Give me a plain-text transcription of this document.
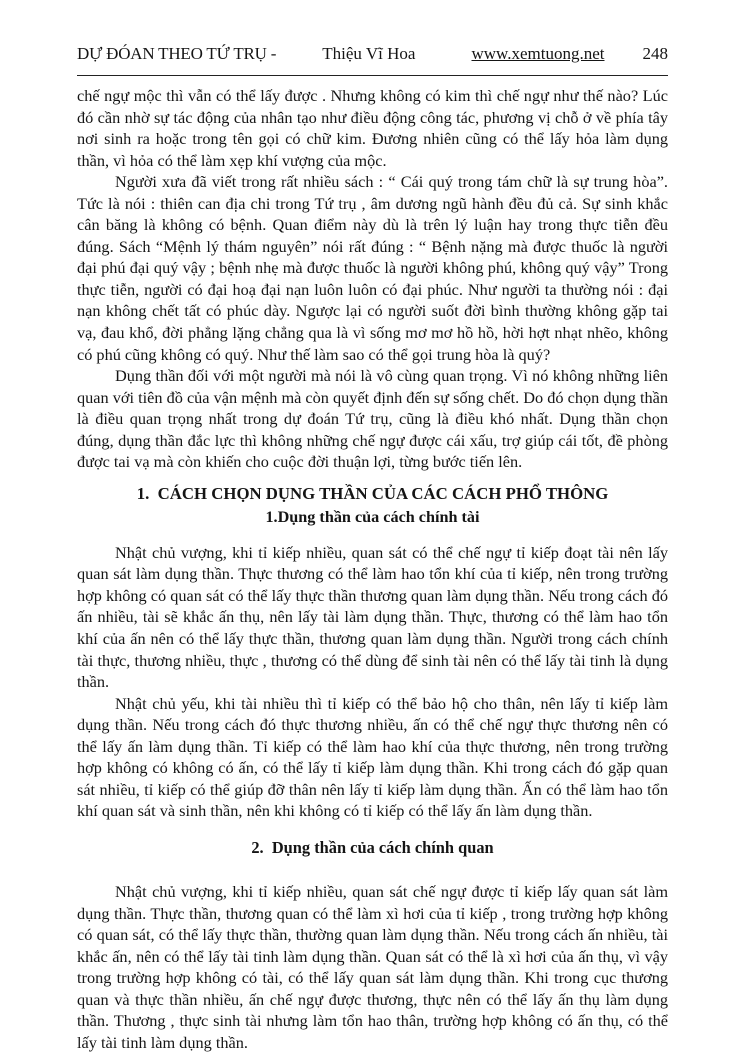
DỰ ĐÓAN THEO TỨ TRỤ -	Thiệu Vĩ Hoa	www.xemtuong.net 248

chế ngự mộc thì vẫn có thể lấy được . Nhưng không có kim thì chế ngự như thế nào? Lúc đó cần nhờ sự tác động của nhân tạo như điều động công tác, phương vị chỗ ở về phía tây nơi sinh ra hoặc trong tên gọi có chữ kim. Đương nhiên cũng có thể lấy hỏa làm dụng thần, vì hỏa có thể làm xẹp khí vượng của mộc.

Người xưa đã viết trong rất nhiều sách : “ Cái quý trong tám chữ là sự trung hòa”. Tức là nói : thiên can địa chi trong Tứ trụ , âm dương ngũ hành đều đủ cả. Sự sinh khắc cân băng là không có bệnh. Quan điểm này dù là trên lý luận hay trong thực tiễn đều đúng. Sách “Mệnh lý thám nguyên” nói rất đúng : “ Bệnh nặng mà được thuốc là người đại phú đại quý vậy ; bệnh nhẹ mà được thuốc là người không phú, không quý vậy” Trong thực tiễn, người có đại hoạ đại nạn luôn luôn có đại phúc. Như người ta thường nói : đại nạn không chết tất có phúc dày. Ngược lại có người suốt đời bình thường không gặp tai vạ, đau khổ, đời phẳng lặng chẳng qua là vì sống mơ mơ hồ hồ, hời hợt nhạt nhẽo, không có phú cũng không có quý. Như thế làm sao có thể gọi trung hòa là quý?

Dụng thần đối với một người mà nói là vô cùng quan trọng. Vì nó không những liên quan với tiên đồ của vận mệnh mà còn quyết định đến sự sống chết. Do đó chọn dụng thần là điều quan trọng nhất trong dự đoán Tứ trụ, cũng là điều khó nhất. Dụng thần chọn đúng, dụng thần đắc lực thì không những chế ngự được cái xấu, trợ giúp cái tốt, đề phòng được tai vạ mà còn khiến cho cuộc đời thuận lợi, từng bước tiến lên.

1.  CÁCH CHỌN DỤNG THẦN CỦA CÁC CÁCH PHỔ THÔNG
1.Dụng thần của cách chính tài

Nhật chủ vượng, khi tỉ kiếp nhiều, quan sát có thể chế ngự tỉ kiếp đoạt tài nên lấy quan sát làm dụng thần. Thực thương có thể làm hao tổn khí của tỉ kiếp, nên trong trường hợp không có quan sát có thể lấy thực thần thương quan làm dụng thần. Nếu trong cách đó ấn nhiều, tài sẽ khắc ấn thụ, nên lấy tài làm dụng thần. Thực, thương có thể làm hao tổn khí của ấn nên có thể lấy thực thần, thương quan làm dụng thần. Người trong cách chính tài thực, thương nhiều, thực , thương có thể dùng để sinh tài nên có thể lấy tài tinh là dụng thần.

Nhật chủ yếu, khi tài nhiều thì tỉ kiếp có thể bảo hộ cho thân, nên lấy tỉ kiếp làm dụng thần. Nếu trong cách đó thực thương nhiều, ấn có thể chế ngự thực thương nên có thể lấy ấn làm dụng thần. Tỉ kiếp có thể làm hao khí của thực thương, nên trong trường hợp không có không có ấn, có thể lấy tỉ kiếp làm dụng thần. Khi trong cách đó gặp quan sát nhiều, tỉ kiếp có thể giúp đỡ thân nên lấy tỉ kiếp làm dụng thần. Ấn có thể làm hao tổn khí quan sát và sinh thần, nên khi không có tỉ kiếp có thể lấy ấn làm dụng thần.

2.  Dụng thần của cách chính quan

Nhật chủ vượng, khi tỉ kiếp nhiều, quan sát chế ngự được tỉ kiếp lấy quan sát làm dụng thần. Thực thần, thương quan có thể làm xì hơi của tỉ kiếp , trong trường hợp không có quan sát, có thể lấy thực thần, thường quan làm dụng thần. Nếu trong cách ấn nhiều, tài khắc ấn, nên có thể lấy tài tinh làm dụng thần. Quan sát có thể là xì hơi của ấn thụ, vì vậy trong trường hợp không có tài, có thể lấy quan sát làm dụng thần. Khi trong cục thương quan và thực thần nhiều, ấn chế ngự được thương, thực nên có thể lấy ấn thụ làm dụng thần. Thương , thực sinh tài nhưng làm tổn hao thân, trường hợp không có ấn thụ, có thể lấy tài tinh làm dụng thần.
